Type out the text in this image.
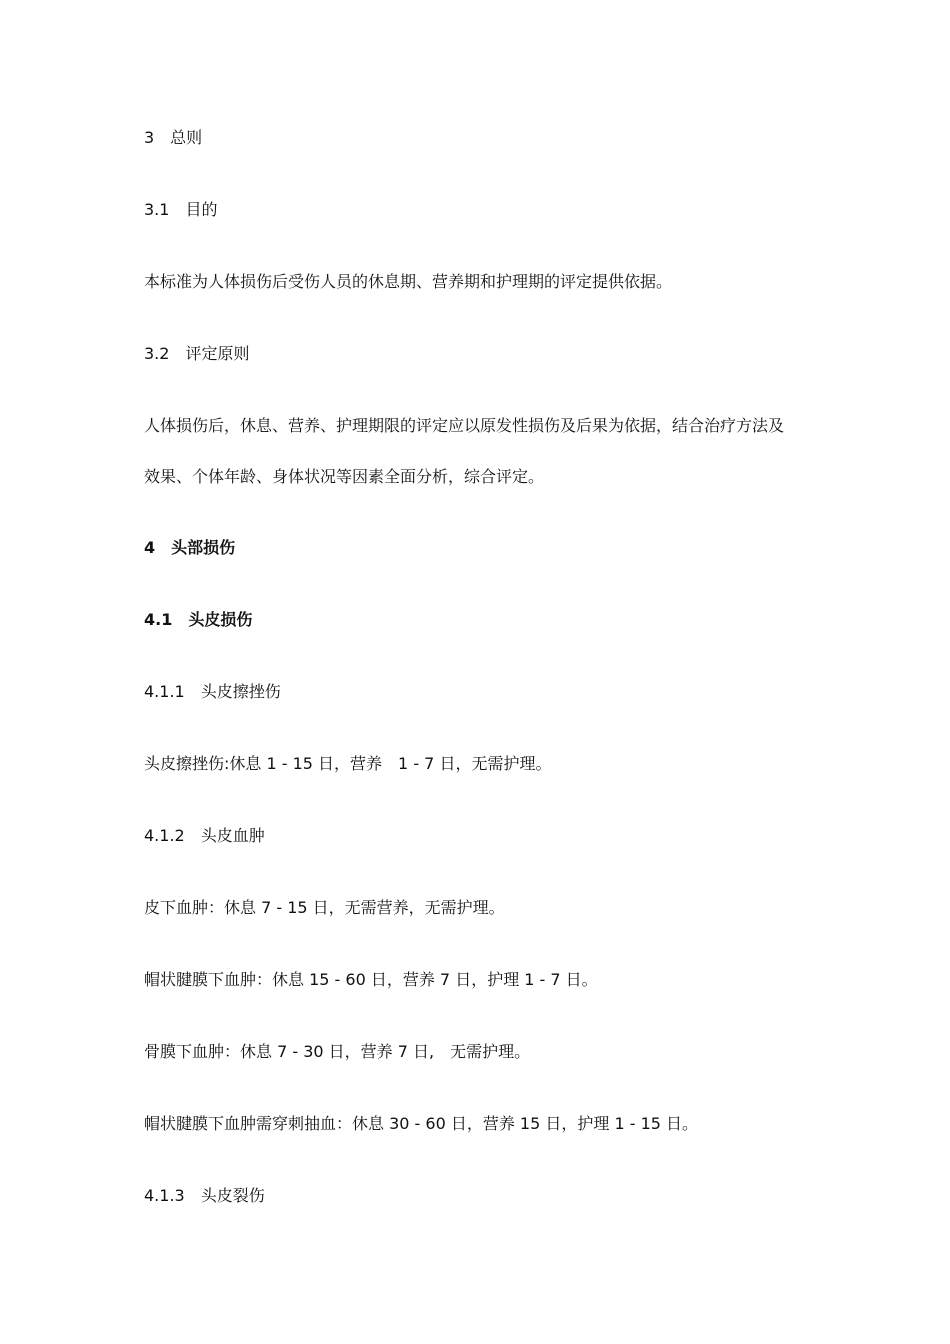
3　总则
3.1　目的
本标准为人体损伤后受伤人员的休息期、营养期和护理期的评定提供依据。
3.2　评定原则
人体损伤后，休息、营养、护理期限的评定应以原发性损伤及后果为依据，结合治疗方法及
效果、个体年龄、身体状况等因素全面分析，综合评定。
4　头部损伤
4.1　头皮损伤
4.1.1　头皮擦挫伤
头皮擦挫伤:休息 1 - 15 日，营养　1 - 7 日，无需护理。
4.1.2　头皮血肿
皮下血肿：休息 7 - 15 日，无需营养，无需护理。
帽状腱膜下血肿：休息 15 - 60 日，营养 7 日，护理 1 - 7 日。
骨膜下血肿：休息 7 - 30 日，营养 7 日,　无需护理。
帽状腱膜下血肿需穿刺抽血：休息 30 - 60 日，营养 15 日，护理 1 - 15 日。
4.1.3　头皮裂伤
